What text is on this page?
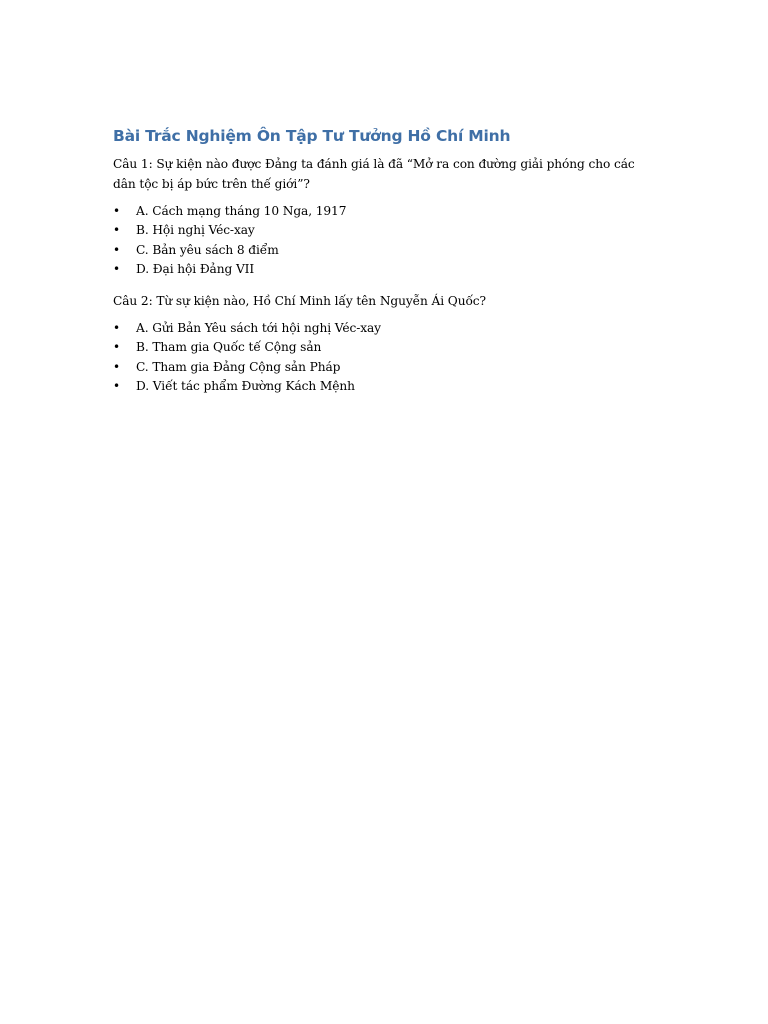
Bài Trắc Nghiệm Ôn Tập Tư Tưởng Hồ Chí Minh

Câu 1: Sự kiện nào được Đảng ta đánh giá là đã “Mở ra con đường giải phóng cho các dân tộc bị áp bức trên thế giới”?

• A. Cách mạng tháng 10 Nga, 1917
• B. Hội nghị Véc-xay
• C. Bản yêu sách 8 điểm
• D. Đại hội Đảng VII

Câu 2: Từ sự kiện nào, Hồ Chí Minh lấy tên Nguyễn Ái Quốc?

• A. Gửi Bản Yêu sách tới hội nghị Véc-xay
• B. Tham gia Quốc tế Cộng sản
• C. Tham gia Đảng Cộng sản Pháp
• D. Viết tác phẩm Đường Kách Mệnh
